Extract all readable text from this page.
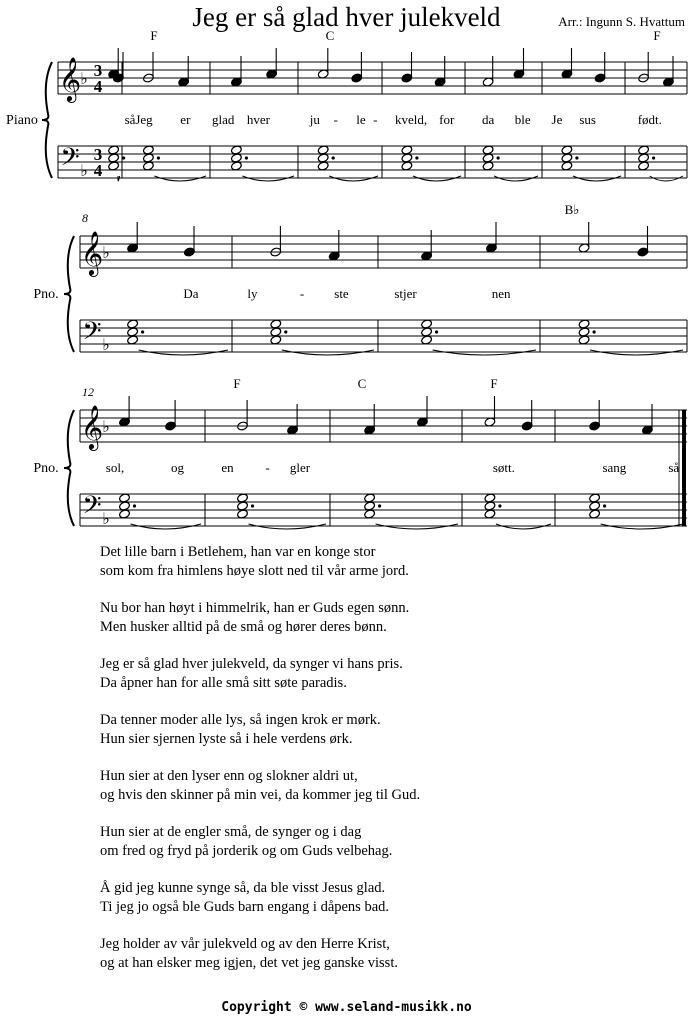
Jeg er så glad hver julekveld	Arr.: Ingunn S. Hvattum
Piano
𝄞
𝄢
♭
♭
3
4
3
4
F	C	F
Jeg er
så	glad hver	ju - le - kveld, for da ble Je sus	født.
Pno.
8
𝄞
𝄢
♭
♭
B♭
Da	ly	- ste	stjer	nen
Pno.
12
𝄞
𝄢
♭
♭
F	C	F
sol,	og	en - gler	søtt.	sang	så
Det lille barn i Betlehem, han var en konge stor
som kom fra himlens høye slott ned til vår arme jord.
Nu bor han høyt i himmelrik, han er Guds egen sønn.
Men husker alltid på de små og hører deres bønn.
Jeg er så glad hver julekveld, da synger vi hans pris.
Da åpner han for alle små sitt søte paradis.
Da tenner moder alle lys, så ingen krok er mørk.
Hun sier sjernen lyste så i hele verdens ørk.
Hun sier at den lyser enn og slokner aldri ut,
og hvis den skinner på min vei, da kommer jeg til Gud.
Hun sier at de engler små, de synger og i dag
om fred og fryd på jorderik og om Guds velbehag.
Å gid jeg kunne synge så, da ble visst Jesus glad.
Ti jeg jo også ble Guds barn engang i dåpens bad.
Jeg holder av vår julekveld og av den Herre Krist,
og at han elsker meg igjen, det vet jeg ganske visst.
Copyright © www.seland-musikk.no
